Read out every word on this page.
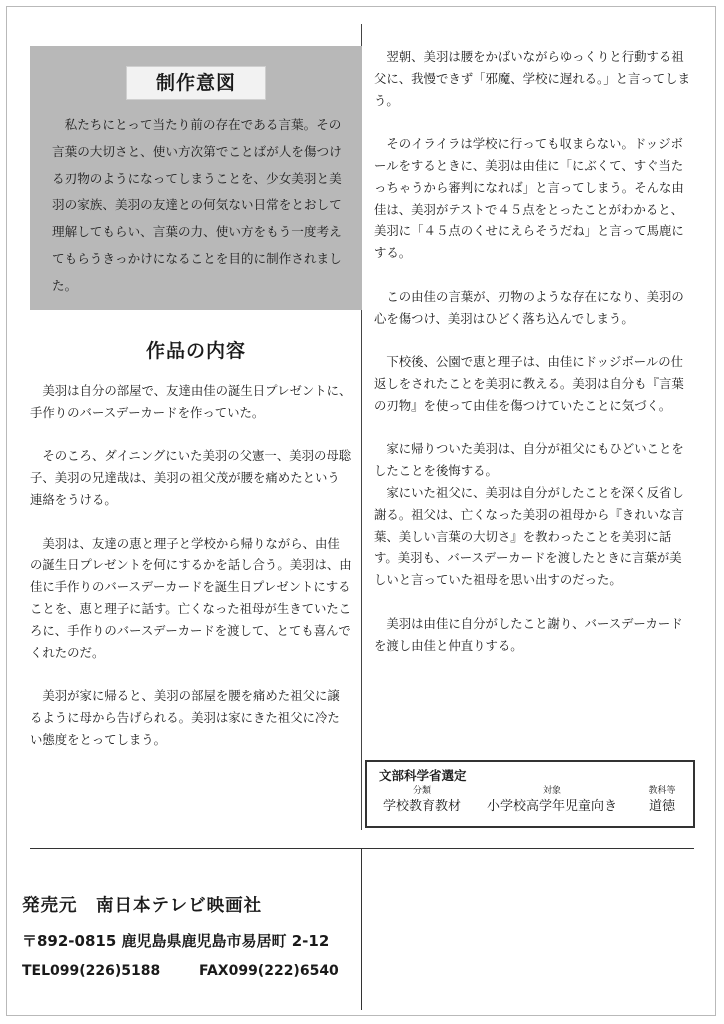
制作意図

私たちにとって当たり前の存在である言葉。その言葉の大切さと、使い方次第でことばが人を傷つける刃物のようになってしまうことを、少女美羽と美羽の家族、美羽の友達との何気ない日常をとおして理解してもらい、言葉の力、使い方をもう一度考えてもらうきっかけになることを目的に制作されました。

作品の内容

美羽は自分の部屋で、友達由佳の誕生日プレゼントに、手作りのバースデーカードを作っていた。

そのころ、ダイニングにいた美羽の父憲一、美羽の母聡子、美羽の兄達哉は、美羽の祖父茂が腰を痛めたという連絡をうける。

美羽は、友達の恵と理子と学校から帰りながら、由佳の誕生日プレゼントを何にするかを話し合う。美羽は、由佳に手作りのバースデーカードを誕生日プレゼントにすることを、恵と理子に話す。亡くなった祖母が生きていたころに、手作りのバースデーカードを渡して、とても喜んでくれたのだ。

美羽が家に帰ると、美羽の部屋を腰を痛めた祖父に譲るように母から告げられる。美羽は家にきた祖父に冷たい態度をとってしまう。

翌朝、美羽は腰をかばいながらゆっくりと行動する祖父に、我慢できず「邪魔、学校に遅れる。」と言ってしまう。

そのイライラは学校に行っても収まらない。ドッジボールをするときに、美羽は由佳に「にぶくて、すぐ当たっちゃうから審判になれば」と言ってしまう。そんな由佳は、美羽がテストで４５点をとったことがわかると、美羽に「４５点のくせにえらそうだね」と言って馬鹿にする。

この由佳の言葉が、刃物のような存在になり、美羽の心を傷つけ、美羽はひどく落ち込んでしまう。

下校後、公園で恵と理子は、由佳にドッジボールの仕返しをされたことを美羽に教える。美羽は自分も『言葉の刃物』を使って由佳を傷つけていたことに気づく。

家に帰りついた美羽は、自分が祖父にもひどいことをしたことを後悔する。

家にいた祖父に、美羽は自分がしたことを深く反省し謝る。祖父は、亡くなった美羽の祖母から『きれいな言葉、美しい言葉の大切さ』を教わったことを美羽に話す。美羽も、バースデーカードを渡したときに言葉が美しいと言っていた祖母を思い出すのだった。

美羽は由佳に自分がしたこと謝り、バースデーカードを渡し由佳と仲直りする。

文部科学省選定
分類
学校教育教材
対象
小学校高学年児童向き
教科等
道徳
発売元　南日本テレビ映画社
〒892-0815 鹿児島県鹿児島市易居町 2-12
TEL099(226)5188	FAX099(222)6540
